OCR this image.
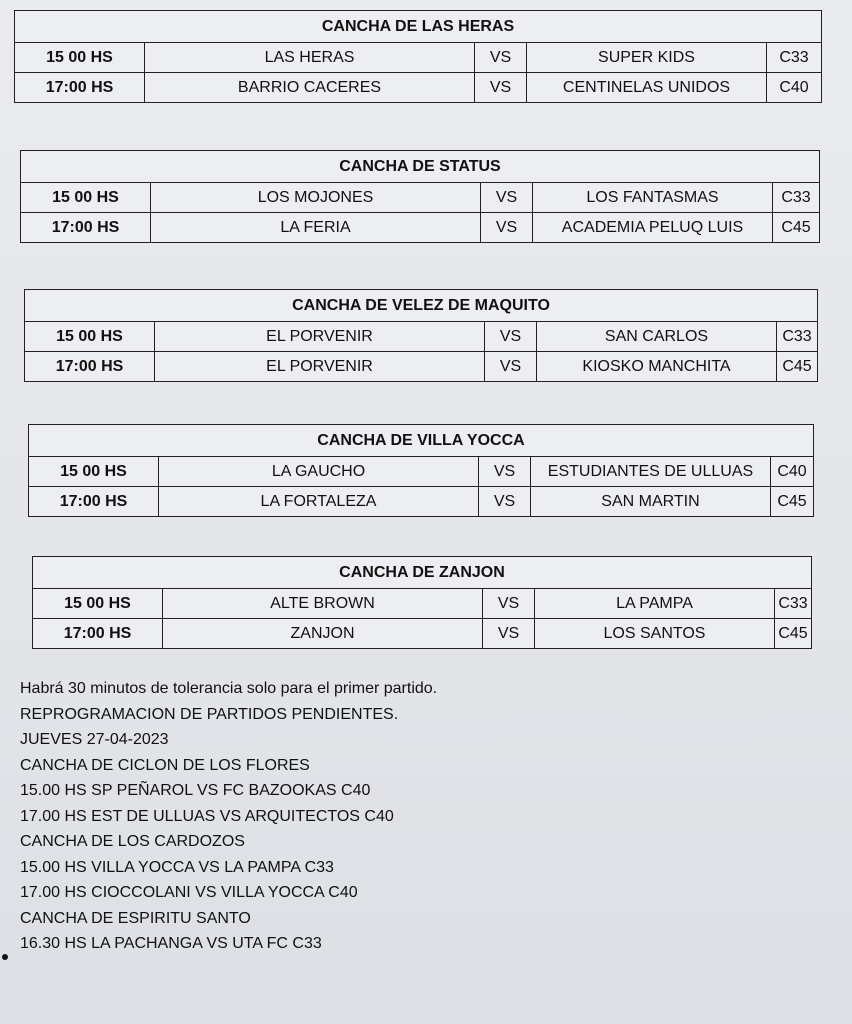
CANCHA DE LAS HERAS
15 00 HS	LAS HERAS	VS	SUPER KIDS	C33
17:00 HS	BARRIO CACERES	VS	CENTINELAS UNIDOS	C40
CANCHA DE STATUS
15 00 HS	LOS MOJONES	VS	LOS FANTASMAS	C33
17:00 HS	LA FERIA	VS	ACADEMIA PELUQ LUIS	C45
CANCHA DE VELEZ DE MAQUITO
15 00 HS	EL PORVENIR	VS	SAN CARLOS	C33
17:00 HS	EL PORVENIR	VS	KIOSKO MANCHITA	C45
CANCHA DE VILLA YOCCA
15 00 HS	LA GAUCHO	VS	ESTUDIANTES DE ULLUAS	C40
17:00 HS	LA FORTALEZA	VS	SAN MARTIN	C45
CANCHA DE ZANJON
15 00 HS	ALTE BROWN	VS	LA PAMPA	C33
17:00 HS	ZANJON	VS	LOS SANTOS	C45
Habrá 30 minutos de tolerancia solo para el primer partido.
REPROGRAMACION DE PARTIDOS PENDIENTES.
JUEVES 27-04-2023
CANCHA DE CICLON DE LOS FLORES
15.00 HS SP PEÑAROL VS FC BAZOOKAS C40
17.00 HS EST DE ULLUAS VS ARQUITECTOS C40
CANCHA DE LOS CARDOZOS
15.00 HS VILLA YOCCA VS LA PAMPA C33
17.00 HS CIOCCOLANI VS VILLA YOCCA C40
CANCHA DE ESPIRITU SANTO
16.30 HS LA PACHANGA VS UTA FC C33
